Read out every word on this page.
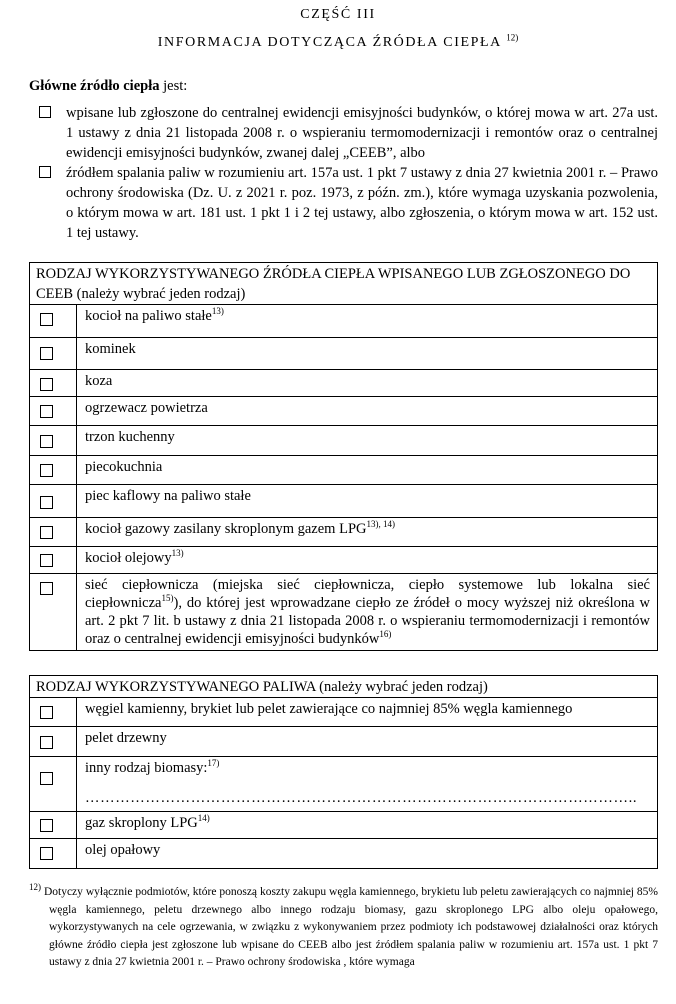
CZĘŚĆ III
INFORMACJA DOTYCZĄCA ŹRÓDŁA CIEPŁA $^{12)}$
Główne źródło ciepła jest:
wpisane lub zgłoszone do centralnej ewidencji emisyjności budynków, o której mowa w art. 27a ust. 1 ustawy z dnia 21 listopada 2008 r. o wspieraniu termomodernizacji i remontów oraz o centralnej ewidencji emisyjności budynków, zwanej dalej „CEEB”, albo
źródłem spalania paliw w rozumieniu art. 157a ust. 1 pkt 7 ustawy z dnia 27 kwietnia 2001 r. – Prawo ochrony środowiska (Dz. U. z 2021 r. poz. 1973, z późn. zm.), które wymaga uzyskania pozwolenia, o którym mowa w art. 181 ust. 1 pkt 1 i 2 tej ustawy, albo zgłoszenia, o którym mowa w art. 152 ust. 1 tej ustawy.
RODZAJ WYKORZYSTYWANEGO ŹRÓDŁA CIEPŁA WPISANEGO LUB ZGŁOSZONEGO DO CEEB (należy wybrać jeden rodzaj)	

	kocioł na paliwo stałe$^{13)}$

	kominek

	koza

	ogrzewacz powietrza

	trzon kuchenny

	piecokuchnia

	piec kaflowy na paliwo stałe

	kocioł gazowy zasilany skroplonym gazem $LPG^{13), 14)}$

	kocioł olejowy$^{13)}$

	sieć ciepłownicza (miejska sieć ciepłownicza, ciepło systemowe lub lokalna sieć ciepłownicza$^{15)}$), do której jest wprowadzane ciepło ze źródeł o mocy wyższej niż określona w art. 2 pkt 7 lit. b ustawy z dnia 21 listopada 2008 r. o wspieraniu termomodernizacji i remontów oraz o centralnej ewidencji emisyjności budynków$^{16)}$
RODZAJ WYKORZYSTYWANEGO PALIWA (należy wybrać jeden rodzaj)	

	węgiel kamienny, brykiet lub pelet zawierające co najmniej 85% węgla kamiennego

	pelet drzewny

	inny rodzaj biomasy:$^{17)}$
………………………………………………………………………………………………..

	gaz skroplony LPG$^{14)}$

	olej opałowy
$^{12)}$ Dotyczy wyłącznie podmiotów, które ponoszą koszty zakupu węgla kamiennego, brykietu lub peletu zawierających co najmniej 85% węgla kamiennego, peletu drzewnego albo innego rodzaju biomasy, gazu skroplonego LPG albo oleju opałowego, wykorzystywanych na cele ogrzewania, w związku z wykonywaniem przez podmioty ich podstawowej działalności oraz których główne źródło ciepła jest zgłoszone lub wpisane do CEEB albo jest źródłem spalania paliw w rozumieniu art. 157a ust. 1 pkt 7 ustawy z dnia 27 kwietnia 2001 r. – Prawo ochrony środowiska , które wymaga
